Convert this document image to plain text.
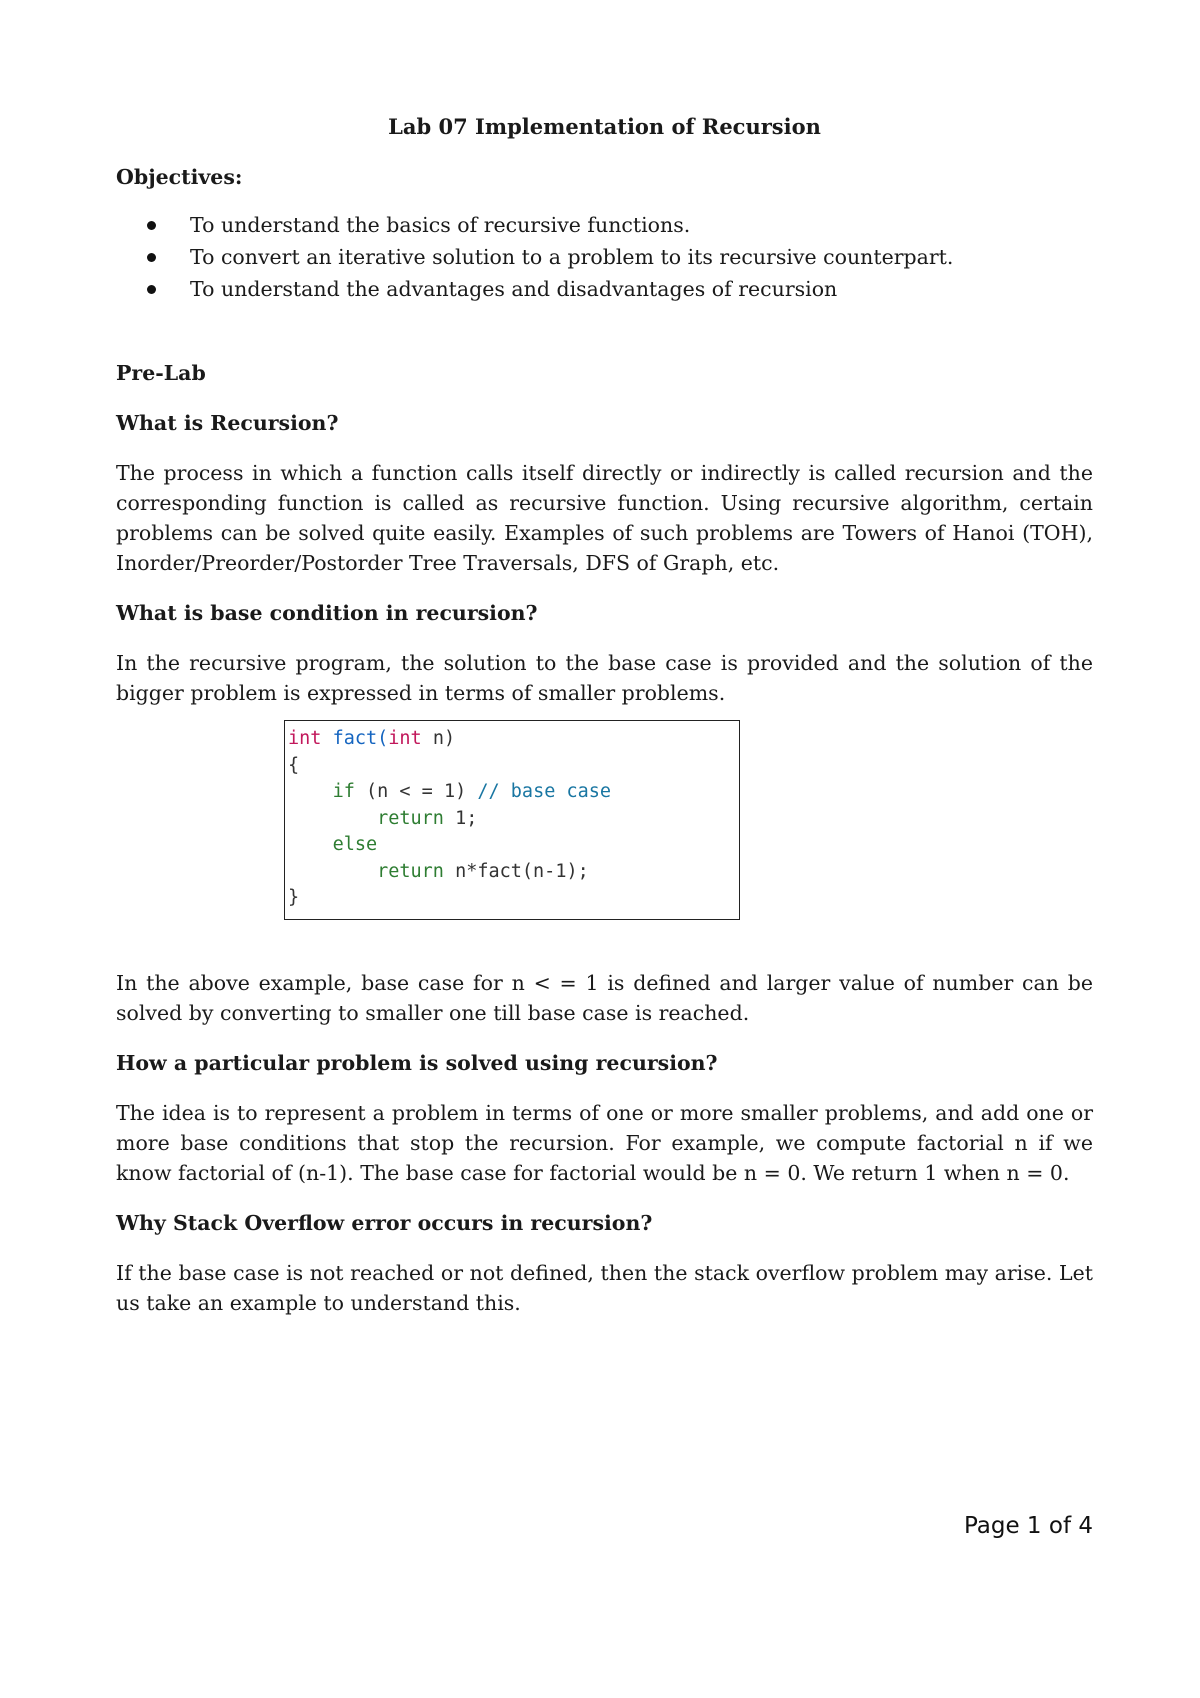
Lab 07 Implementation of Recursion
Objectives:
To understand the basics of recursive functions.
To convert an iterative solution to a problem to its recursive counterpart.
To understand the advantages and disadvantages of recursion
Pre-Lab
What is Recursion?
The process in which a function calls itself directly or indirectly is called recursion and the corresponding function is called as recursive function. Using recursive algorithm, certain problems can be solved quite easily. Examples of such problems are Towers of Hanoi (TOH), Inorder/Preorder/Postorder Tree Traversals, DFS of Graph, etc.
What is base condition in recursion?
In the recursive program, the solution to the base case is provided and the solution of the bigger problem is expressed in terms of smaller problems.
int fact(int n)
{
if (n < = 1) // base case
return 1;
else
return n*fact(n-1);
}
In the above example, base case for n < = 1 is defined and larger value of number can be solved by converting to smaller one till base case is reached.
How a particular problem is solved using recursion?
The idea is to represent a problem in terms of one or more smaller problems, and add one or more base conditions that stop the recursion. For example, we compute factorial n if we know factorial of (n-1). The base case for factorial would be n = 0. We return 1 when n = 0.
Why Stack Overflow error occurs in recursion?
If the base case is not reached or not defined, then the stack overflow problem may arise. Let us take an example to understand this.
Page 1 of 4
